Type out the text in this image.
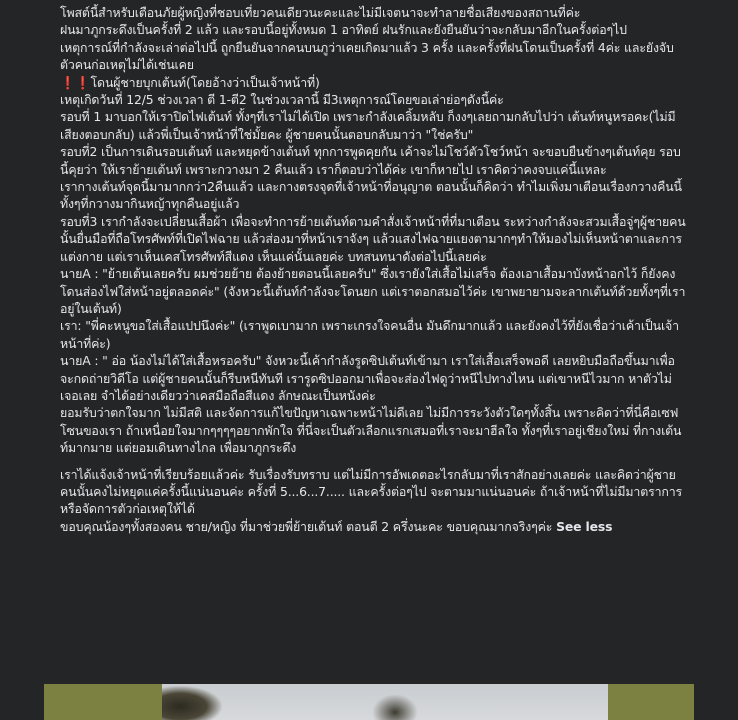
โพสต์นี้สำหรับเตือนภัยผู้หญิงที่ชอบเที่ยวคนเดียวนะคะและไม่มีเจตนาจะทำลายชื่อเสียงของสถานที่ค่ะ

ฝนมาภูกระดึงเป็นครั้งที่ 2 แล้ว และรอบนี้อยู่ทั้งหมด 1 อาทิตย์ ฝนรักและยังยืนยันว่าจะกลับมาอีกในครั้งต่อๆไป

เหตุการณ์ที่กำลังจะเล่าต่อไปนี้ ถูกยืนยันจากคนบนภูว่าเคยเกิดมาแล้ว 3 ครั้ง และครั้งที่ฝนโดนเป็นครั้งที่ 4ค่ะ และยังจับตัวคนก่อเหตุไม่ได้เช่นเคย

❗❗โดนผู้ชายบุกเต้นท์(โดยอ้างว่าเป็นเจ้าหน้าที่)

เหตุเกิดวันที่ 12/5 ช่วงเวลา ตี 1-ตี2 ในช่วงเวลานี้ มี3เหตุการณ์โดยขอเล่าย่อๆดังนี้ค่ะ

รอบที่ 1 มาบอกให้เราปิดไฟเต้นท์ ทั้งๆที่เราไม่ได้เปิด เพราะกำลังเคลิ้มหลับ ก็งงๆเลยถามกลับไปว่า เต้นท์หนูหรอคะ(ไม่มีเสียงตอบกลับ) แล้วพี่เป็นเจ้าหน้าที่ใช่มั้ยคะ ผู้ชายคนนั้นตอบกลับมาว่า "ใช่ครับ"

รอบที่2 เป็นการเดินรอบเต้นท์ และหยุดข้างเต้นท์ ทุกการพูดคุยกัน เค้าจะไม่โชว์ตัวโชว์หน้า จะขอบยืนข้างๆเต้นท์คุย รอบนี้คุยว่า ให้เราย้ายเต้นท์ เพราะกวางมา 2 คืนแล้ว เราก็ตอบว่าได้ค่ะ เขาก็หายไป เราคิดว่าคงจบแค่นี้แหละ

เรากางเต้นท์จุดนี้มามากกว่า2คืนแล้ว และกางตรงจุดที่เจ้าหน้าที่อนุญาต ตอนนั้นก็คิดว่า ทำไมเพิ่งมาเตือนเรื่องกวางคืนนี้ ทั้งๆที่กวางมากินหญ้าทุกคืนอยู่แล้ว

รอบที่3 เรากำลังจะเปลี่ยนเสื้อผ้า เพื่อจะทำการย้ายเต้นท์ตามคำสั่งเจ้าหน้าที่ที่มาเตือน ระหว่างกำลังจะสวมเสื้อจู่ๆผู้ชายคนนั้นยื่นมือที่ถือโทรศัพท์ที่เปิดไฟฉาย แล้วส่องมาที่หน้าเราจังๆ แล้วแสงไฟฉายแยงตามากๆทำให้มองไม่เห็นหน้าตาและการแต่งกาย แต่เราเห็นเคสโทรศัพท์สีแดง เห็นแค่นั้นเลยค่ะ บทสนทนาดังต่อไปนี้เลยค่ะ

นายA : "ย้ายเต้นเลยครับ ผมช่วยย้าย ต้องย้ายตอนนี้เลยครับ" ซึ่งเรายังใส่เสื้อไม่เสร็จ ต้องเอาเสื้อมาบังหน้าอกไว้ ก็ยังคงโดนส่องไฟใส่หน้าอยู่ตลอดค่ะ" (จังหวะนี้เต้นท์กำลังจะโดนยก แต่เราตอกสมอไว้ค่ะ เขาพยายามจะลากเต้นท์ด้วยทั้งๆที่เราอยู่ในเต้นท์)

เรา: "พี่คะหนูขอใส่เสื้อแปปนึงค่ะ" (เราพูดเบามาก เพราะเกรงใจคนอื่น มันดึกมากแล้ว และยังคงไว้ที่ยังเชื่อว่าเค้าเป็นเจ้าหน้าที่ค่ะ)

นายA : " อ่อ น้องไม่ได้ใส่เสื้อหรอครับ" จังหวะนี้เค้ากำลังรูดซิปเต้นท์เข้ามา เราใส่เสื้อเสร็จพอดี เลยหยิบมือถือขึ้นมาเพื่อจะกดถ่ายวิดีโอ แต่ผู้ชายคนนั้นก็รีบหนีทันที เรารูดซิปออกมาเพื่อจะส่องไฟดูว่าหนีไปทางไหน แต่เขาหนีไวมาก หาตัวไม่เจอเลย จำได้อย่างเดียวว่าเคสมือถือสีแดง ลักษณะเป็นหนังค่ะ

ยอมรับว่าตกใจมาก ไม่มีสติ และจัดการแก้ไขปัญหาเฉพาะหน้าไม่ดีเลย ไม่มีการระวังตัวใดๆทั้งสิ้น เพราะคิดว่าที่นี่คือเซฟโซนของเรา ถ้าเหนื่อยใจมากๆๆๆๆอยากพักใจ ที่นี่จะเป็นตัวเลือกแรกเสมอที่เราจะมาฮีลใจ ทั้งๆที่เราอยู่เชียงใหม่ ที่กางเต้นท์มากมาย แต่ยอมเดินทางไกล เพื่อมาภูกระดึง

เราได้แจ้งเจ้าหน้าที่เรียบร้อยแล้วค่ะ รับเรื่องรับทราบ แต่ไม่มีการอัพเดตอะไรกลับมาที่เราสักอย่างเลยค่ะ และคิดว่าผู้ชายคนนั้นคงไม่หยุดแค่ครั้งนี้แน่นอนค่ะ ครั้งที่ 5...6...7..... และครั้งต่อๆไป จะตามมาแน่นอนค่ะ ถ้าเจ้าหน้าที่ไม่มีมาตราการหรือจัดการตัวก่อเหตุให้ได้

ขอบคุณน้องๆทั้งสองคน ชาย/หญิง ที่มาช่วยพี่ย้ายเต้นท์ ตอนตี 2 ครึ่งนะคะ ขอบคุณมากจริงๆค่ะ See less
